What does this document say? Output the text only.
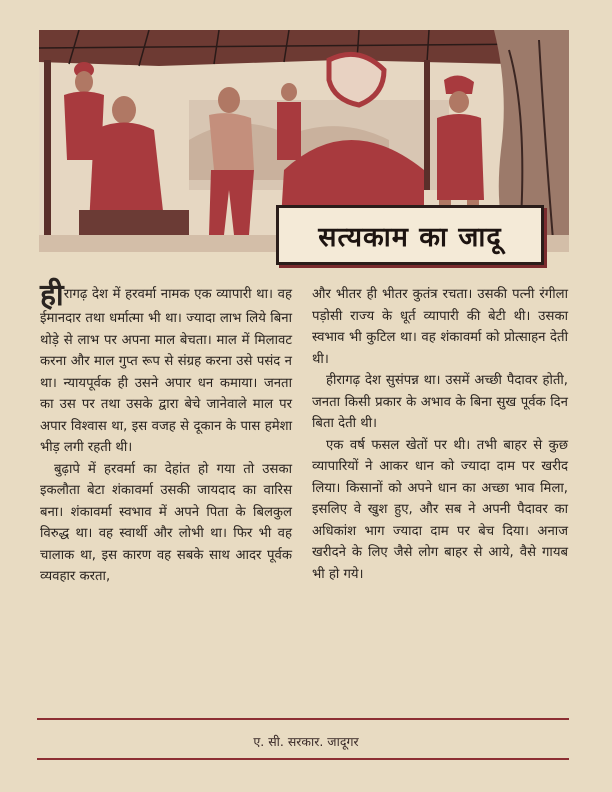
सत्यकाम का जादू

हीरागढ़ देश में हरवर्मा नामक एक व्यापारी था। वह ईमानदार तथा धर्मात्मा भी था। ज्यादा लाभ लिये बिना थोड़े से लाभ पर अपना माल बेचता। माल में मिलावट करना और माल गुप्त रूप से संग्रह करना उसे पसंद न था। न्यायपूर्वक ही उसने अपार धन कमाया। जनता का उस पर तथा उसके द्वारा बेचे जानेवाले माल पर अपार विश्वास था, इस वजह से दूकान के पास हमेशा भीड़ लगी रहती थी।

बुढ़ापे में हरवर्मा का देहांत हो गया तो उसका इकलौता बेटा शंकावर्मा उसकी जायदाद का वारिस बना। शंकावर्मा स्वभाव में अपने पिता के बिलकुल विरुद्ध था। वह स्वार्थी और लोभी था। फिर भी वह चालाक था, इस कारण वह सबके साथ आदर पूर्वक व्यवहार करता,

और भीतर ही भीतर कुतंत्र रचता। उसकी पत्नी रंगीला पड़ोसी राज्य के धूर्त व्यापारी की बेटी थी। उसका स्वभाव भी कुटिल था। वह शंकावर्मा को प्रोत्साहन देती थी।

हीरागढ़ देश सुसंपन्न था। उसमें अच्छी पैदावर होती, जनता किसी प्रकार के अभाव के बिना सुख पूर्वक दिन बिता देती थी।

एक वर्ष फसल खेतों पर थी। तभी बाहर से कुछ व्यापारियों ने आकर धान को ज्यादा दाम पर खरीद लिया। किसानों को अपने धान का अच्छा भाव मिला, इसलिए वे खुश हुए, और सब ने अपनी पैदावर का अधिकांश भाग ज्यादा दाम पर बेच दिया। अनाज खरीदने के लिए जैसे लोग बाहर से आये, वैसे गायब भी हो गये।

ए. सी. सरकार. जादूगर
